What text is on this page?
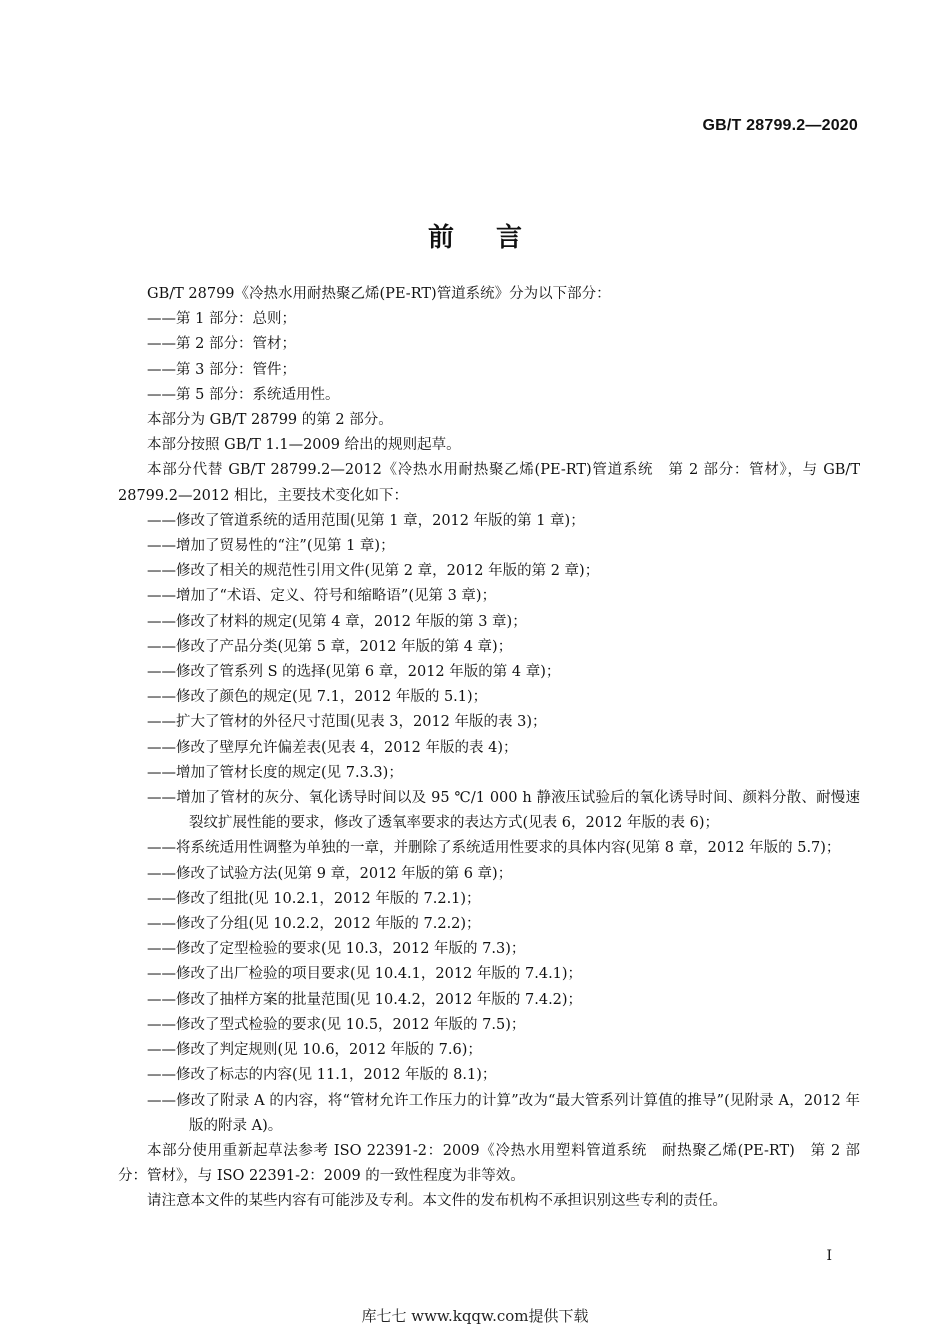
GB/T 28799.2—2020
前言

GB/T 28799《冷热水用耐热聚乙烯(PE-RT)管道系统》分为以下部分：

——第 1 部分：总则；

——第 2 部分：管材；

——第 3 部分：管件；

——第 5 部分：系统适用性。

本部分为 GB/T 28799 的第 2 部分。

本部分按照 GB/T 1.1—2009 给出的规则起草。

本部分代替 GB/T 28799.2—2012《冷热水用耐热聚乙烯(PE-RT)管道系统　第 2 部分：管材》，与 GB/T 28799.2—2012 相比，主要技术变化如下：

——修改了管道系统的适用范围(见第 1 章，2012 年版的第 1 章)；

——增加了贸易性的“注”(见第 1 章)；

——修改了相关的规范性引用文件(见第 2 章，2012 年版的第 2 章)；

——增加了“术语、定义、符号和缩略语”(见第 3 章)；

——修改了材料的规定(见第 4 章，2012 年版的第 3 章)；

——修改了产品分类(见第 5 章，2012 年版的第 4 章)；

——修改了管系列 S 的选择(见第 6 章，2012 年版的第 4 章)；

——修改了颜色的规定(见 7.1，2012 年版的 5.1)；

——扩大了管材的外径尺寸范围(见表 3，2012 年版的表 3)；

——修改了壁厚允许偏差表(见表 4，2012 年版的表 4)；

——增加了管材长度的规定(见 7.3.3)；

——增加了管材的灰分、氧化诱导时间以及 95 ℃/1 000 h 静液压试验后的氧化诱导时间、颜料分散、耐慢速裂纹扩展性能的要求，修改了透氧率要求的表达方式(见表 6，2012 年版的表 6)；

——将系统适用性调整为单独的一章，并删除了系统适用性要求的具体内容(见第 8 章，2012 年版的 5.7)；

——修改了试验方法(见第 9 章，2012 年版的第 6 章)；

——修改了组批(见 10.2.1，2012 年版的 7.2.1)；

——修改了分组(见 10.2.2，2012 年版的 7.2.2)；

——修改了定型检验的要求(见 10.3，2012 年版的 7.3)；

——修改了出厂检验的项目要求(见 10.4.1，2012 年版的 7.4.1)；

——修改了抽样方案的批量范围(见 10.4.2，2012 年版的 7.4.2)；

——修改了型式检验的要求(见 10.5，2012 年版的 7.5)；

——修改了判定规则(见 10.6，2012 年版的 7.6)；

——修改了标志的内容(见 11.1，2012 年版的 8.1)；

——修改了附录 A 的内容，将“管材允许工作压力的计算”改为“最大管系列计算值的推导”(见附录 A，2012 年版的附录 A)。

本部分使用重新起草法参考 ISO 22391-2：2009《冷热水用塑料管道系统　耐热聚乙烯(PE-RT)　第 2 部分：管材》，与 ISO 22391-2：2009 的一致性程度为非等效。

请注意本文件的某些内容有可能涉及专利。本文件的发布机构不承担识别这些专利的责任。

I
库七七 www.kqqw.com提供下载
